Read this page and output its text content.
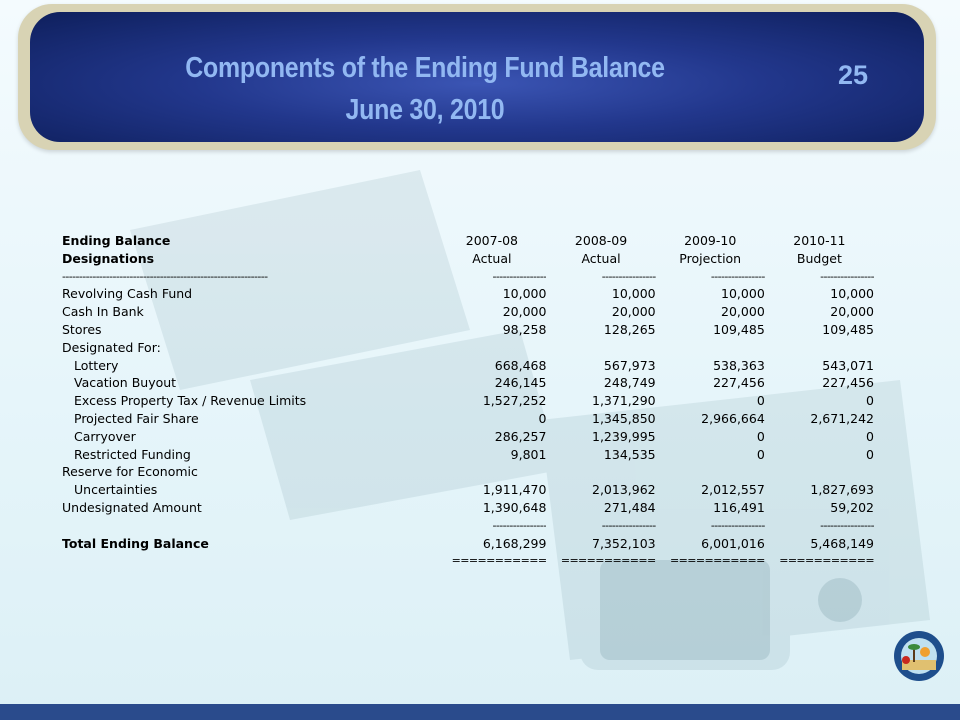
Components of the Ending Fund Balance
June 30, 2010
25
Ending Balance	2007-08	2008-09	2009-10	2010-11
Designations	Actual	Actual	Projection	Budget
-------------------------------------------------------------	----------------	----------------	----------------	----------------
Revolving Cash Fund	10,000	10,000	10,000	10,000
Cash In Bank	20,000	20,000	20,000	20,000
Stores	98,258	128,265	109,485	109,485
Designated For:				
Lottery	668,468	567,973	538,363	543,071
Vacation Buyout	246,145	248,749	227,456	227,456
Excess Property Tax / Revenue Limits	1,527,252	1,371,290	0	0
Projected Fair Share	0	1,345,850	2,966,664	2,671,242
Carryover	286,257	1,239,995	0	0
Restricted Funding	9,801	134,535	0	0
Reserve for Economic				
Uncertainties	1,911,470	2,013,962	2,012,557	1,827,693
Undesignated Amount	1,390,648	271,484	116,491	59,202
	----------------	----------------	----------------	----------------
Total Ending Balance	6,168,299	7,352,103	6,001,016	5,468,149
	===========	===========	===========	===========
